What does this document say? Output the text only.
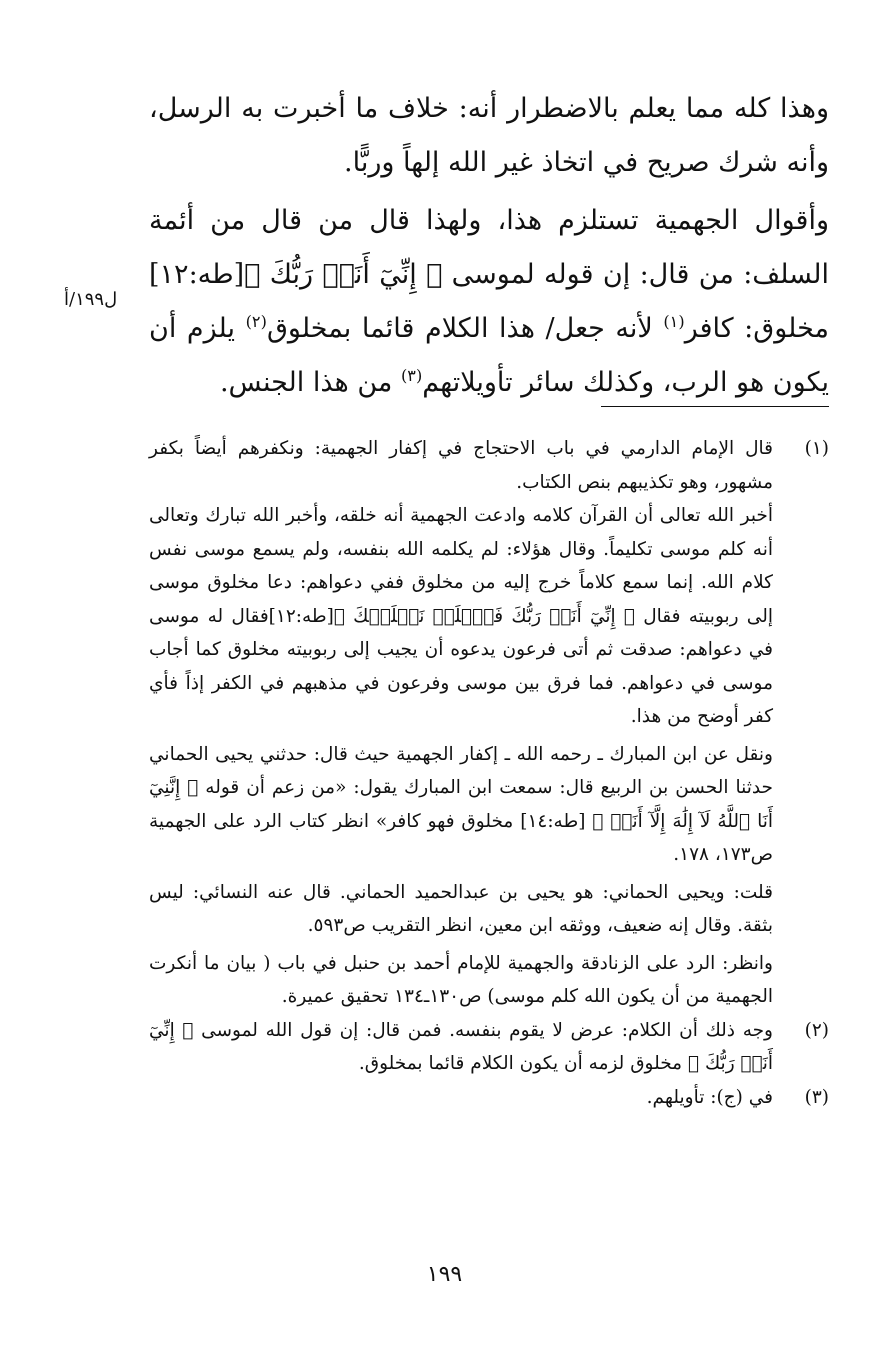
وهذا كله مما يعلم بالاضطرار أنه: خلاف ما أخبرت به الرسل، وأنه شرك صريح في اتخاذ غير الله إلهاً وربًّا.

وأقوال الجهمية تستلزم هذا، ولهذا قال من قال من أئمة السلف: من قال: إن قوله لموسى ﴿ إِنِّيٓ أَنَا۠ رَبُّكَ ﴾[طه:١٢] مخلوق: كافر$^{(١)}$ لأنه جعل/ هذا الكلام قائما بمخلوق$^{(٢)}$ يلزم أن يكون هو الرب، وكذلك سائر تأويلاتهم$^{(٣)}$ من هذا الجنس.

ل١٩٩/أ
(١)

قال الإمام الدارمي في باب الاحتجاج في إكفار الجهمية: ونكفرهم أيضاً بكفر مشهور، وهو تكذيبهم بنص الكتاب.

أخبر الله تعالى أن القرآن كلامه وادعت الجهمية أنه خلقه، وأخبر الله تبارك وتعالى أنه كلم موسى تكليماً. وقال هؤلاء: لم يكلمه الله بنفسه، ولم يسمع موسى نفس كلام الله. إنما سمع كلاماً خرج إليه من مخلوق ففي دعواهم: دعا مخلوق موسى إلى ربوبيته فقال ﴿ إِنِّيٓ أَنَا۠ رَبُّكَ فَٱخۡلَعۡ نَعۡلَيۡكَ ﴾[طه:١٢]فقال له موسى في دعواهم: صدقت ثم أتى فرعون يدعوه أن يجيب إلى ربوبيته مخلوق كما أجاب موسى في دعواهم. فما فرق بين موسى وفرعون في مذهبهم في الكفر إذاً فأي كفر أوضح من هذا.

ونقل عن ابن المبارك ـ رحمه الله ـ إكفار الجهمية حيث قال: حدثني يحيى الحماني حدثنا الحسن بن الربيع قال: سمعت ابن المبارك يقول: «من زعم أن قوله ﴿ إِنَّنِيٓ أَنَا ٱللَّهُ لَآ إِلَٰهَ إِلَّآ أَنَا۠ ﴾ [طه:١٤] مخلوق فهو كافر» انظر كتاب الرد على الجهمية ص١٧٣، ١٧٨.

قلت: ويحيى الحماني: هو يحيى بن عبدالحميد الحماني. قال عنه النسائي: ليس بثقة. وقال إنه ضعيف، ووثقه ابن معين، انظر التقريب ص٥٩٣.

وانظر: الرد على الزنادقة والجهمية للإمام أحمد بن حنبل في باب ( بيان ما أنكرت الجهمية من أن يكون الله كلم موسى) ص١٣٠ـ١٣٤ تحقيق عميرة.

(٢)

وجه ذلك أن الكلام: عرض لا يقوم بنفسه. فمن قال: إن قول الله لموسى ﴿ إِنِّيٓ أَنَا۠ رَبُّكَ ﴾ مخلوق لزمه أن يكون الكلام قائما بمخلوق.

(٣)

في (ج): تأويلهم.

١٩٩
